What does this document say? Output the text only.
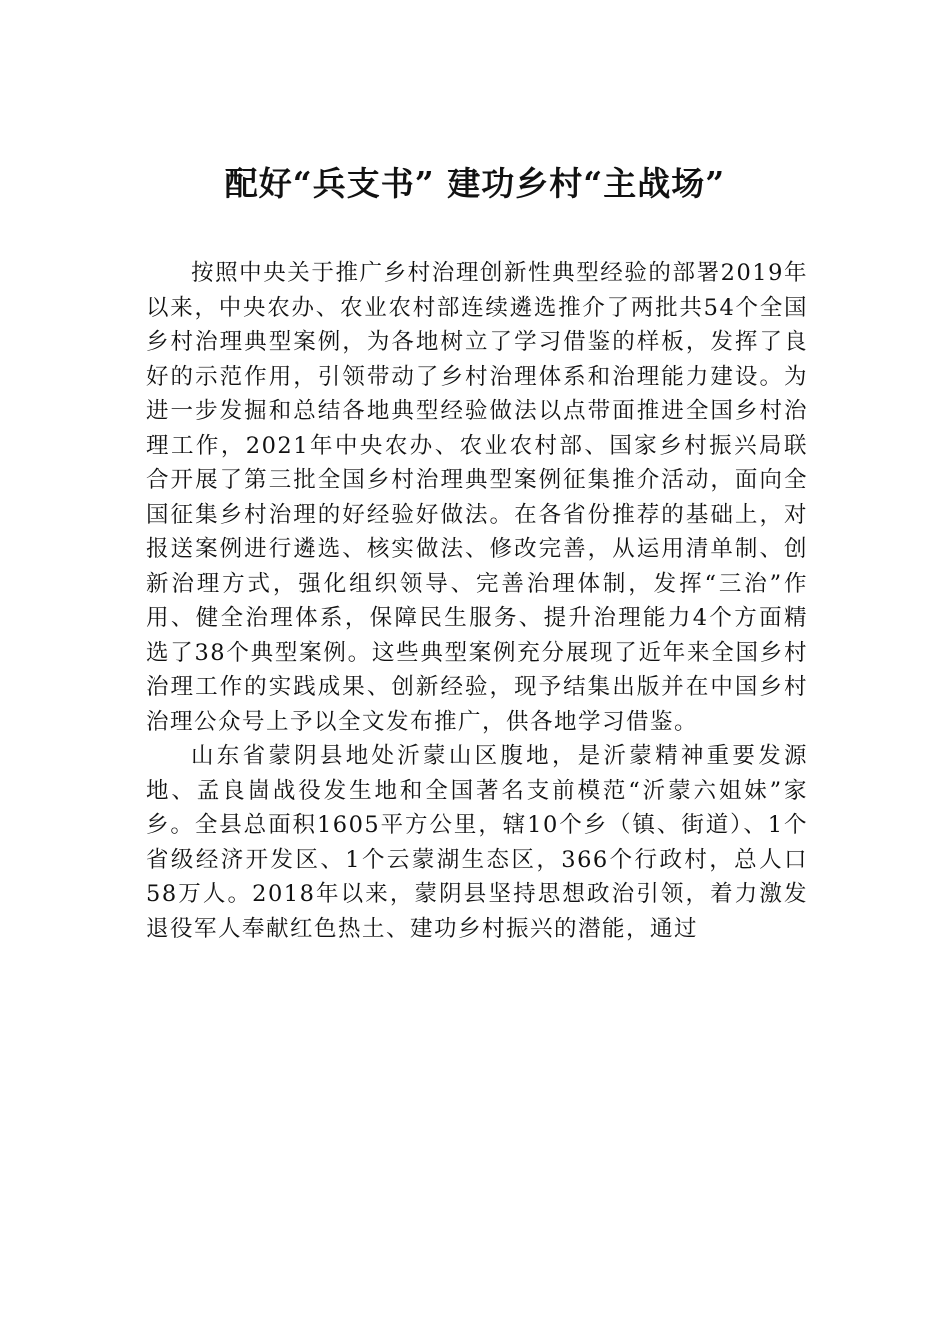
配好“兵支书” 建功乡村“主战场”

按照中央关于推广乡村治理创新性典型经验的部署2019年以来，中央农办、农业农村部连续遴选推介了两批共54个全国乡村治理典型案例，为各地树立了学习借鉴的样板，发挥了良好的示范作用，引领带动了乡村治理体系和治理能力建设。为进一步发掘和总结各地典型经验做法以点带面推进全国乡村治理工作，2021年中央农办、农业农村部、国家乡村振兴局联合开展了第三批全国乡村治理典型案例征集推介活动，面向全国征集乡村治理的好经验好做法。在各省份推荐的基础上，对报送案例进行遴选、核实做法、修改完善，从运用清单制、创新治理方式，强化组织领导、完善治理体制，发挥“三治”作用、健全治理体系，保障民生服务、提升治理能力4个方面精选了38个典型案例。这些典型案例充分展现了近年来全国乡村治理工作的实践成果、创新经验，现予结集出版并在中国乡村治理公众号上予以全文发布推广，供各地学习借鉴。

山东省蒙阴县地处沂蒙山区腹地，是沂蒙精神重要发源地、孟良崮战役发生地和全国著名支前模范“沂蒙六姐妹”家乡。全县总面积1605平方公里，辖10个乡（镇、街道）、1个省级经济开发区、1个云蒙湖生态区，366个行政村，总人口58万人。2018年以来，蒙阴县坚持思想政治引领，着力激发退役军人奉献红色热土、建功乡村振兴的潜能，通过
